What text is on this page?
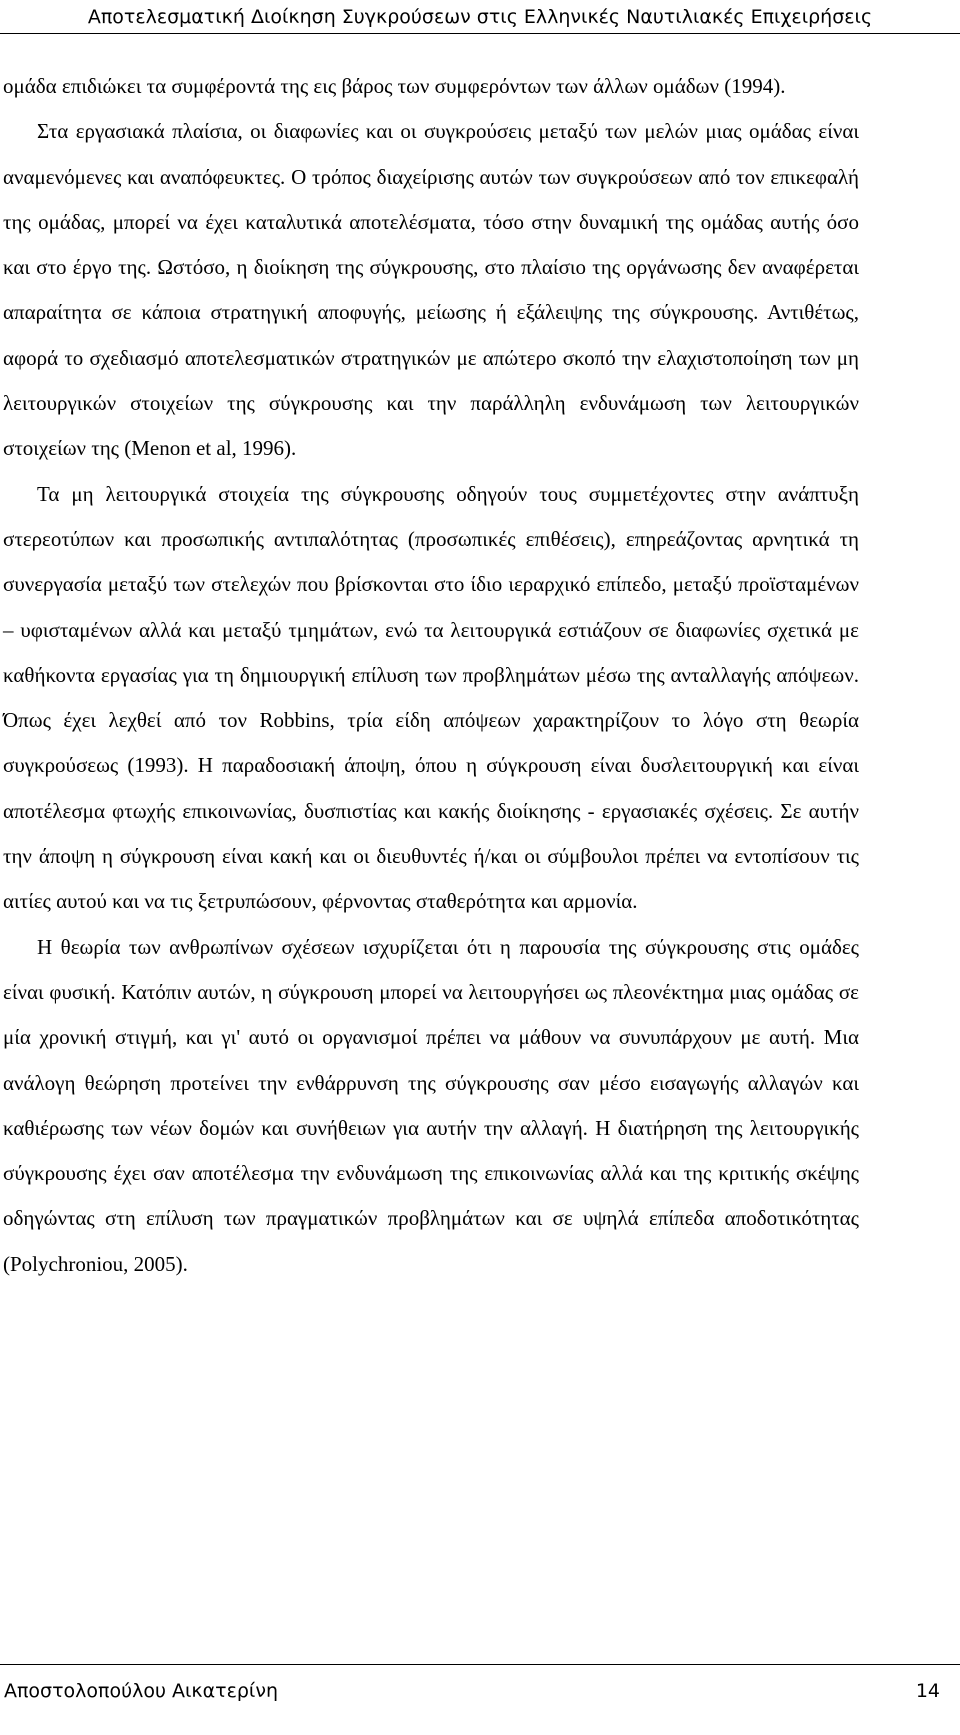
Αποτελεσματική Διοίκηση Συγκρούσεων στις Ελληνικές Ναυτιλιακές Επιχειρήσεις

ομάδα επιδιώκει τα συμφέροντά της εις βάρος των συμφερόντων των άλλων ομάδων (1994).

Στα εργασιακά πλαίσια, οι διαφωνίες και οι συγκρούσεις μεταξύ των μελών μιας ομάδας είναι αναμενόμενες και αναπόφευκτες. Ο τρόπος διαχείρισης αυτών των συγκρούσεων από τον επικεφαλή της ομάδας, μπορεί να έχει καταλυτικά αποτελέσματα, τόσο στην δυναμική της ομάδας αυτής όσο και στο έργο της. Ωστόσο, η διοίκηση της σύγκρουσης, στο πλαίσιο της οργάνωσης δεν αναφέρεται απαραίτητα σε κάποια στρατηγική αποφυγής, μείωσης ή εξάλειψης της σύγκρουσης. Αντιθέτως, αφορά το σχεδιασμό αποτελεσματικών στρατηγικών με απώτερο σκοπό την ελαχιστοποίηση των μη λειτουργικών στοιχείων της σύγκρουσης και την παράλληλη ενδυνάμωση των λειτουργικών στοιχείων της (Menon et al, 1996).

Τα μη λειτουργικά στοιχεία της σύγκρουσης οδηγούν τους συμμετέχοντες στην ανάπτυξη στερεοτύπων και προσωπικής αντιπαλότητας (προσωπικές επιθέσεις), επηρεάζοντας αρνητικά τη συνεργασία μεταξύ των στελεχών που βρίσκονται στο ίδιο ιεραρχικό επίπεδο, μεταξύ προϊσταμένων – υφισταμένων αλλά και μεταξύ τμημάτων, ενώ τα λειτουργικά εστιάζουν σε διαφωνίες σχετικά με καθήκοντα εργασίας για τη δημιουργική επίλυση των προβλημάτων μέσω της ανταλλαγής απόψεων. Όπως έχει λεχθεί από τον Robbins, τρία είδη απόψεων χαρακτηρίζουν το λόγο στη θεωρία συγκρούσεως (1993). Η παραδοσιακή άποψη, όπου η σύγκρουση είναι δυσλειτουργική και είναι αποτέλεσμα φτωχής επικοινωνίας, δυσπιστίας και κακής διοίκησης - εργασιακές σχέσεις. Σε αυτήν την άποψη η σύγκρουση είναι κακή και οι διευθυντές ή/και οι σύμβουλοι πρέπει να εντοπίσουν τις αιτίες αυτού και να τις ξετρυπώσουν, φέρνοντας σταθερότητα και αρμονία.

Η θεωρία των ανθρωπίνων σχέσεων ισχυρίζεται ότι η παρουσία της σύγκρουσης στις ομάδες είναι φυσική. Κατόπιν αυτών, η σύγκρουση μπορεί να λειτουργήσει ως πλεονέκτημα μιας ομάδας σε μία χρονική στιγμή, και γι' αυτό οι οργανισμοί πρέπει να μάθουν να συνυπάρχουν με αυτή. Μια ανάλογη θεώρηση προτείνει την ενθάρρυνση της σύγκρουσης σαν μέσο εισαγωγής αλλαγών και καθιέρωσης των νέων δομών και συνήθειων για αυτήν την αλλαγή. Η διατήρηση της λειτουργικής σύγκρουσης έχει σαν αποτέλεσμα την ενδυνάμωση της επικοινωνίας αλλά και της κριτικής σκέψης οδηγώντας στη επίλυση των πραγματικών προβλημάτων και σε υψηλά επίπεδα αποδοτικότητας (Polychroniou, 2005).

Αποστολοπούλου Αικατερίνη	14
